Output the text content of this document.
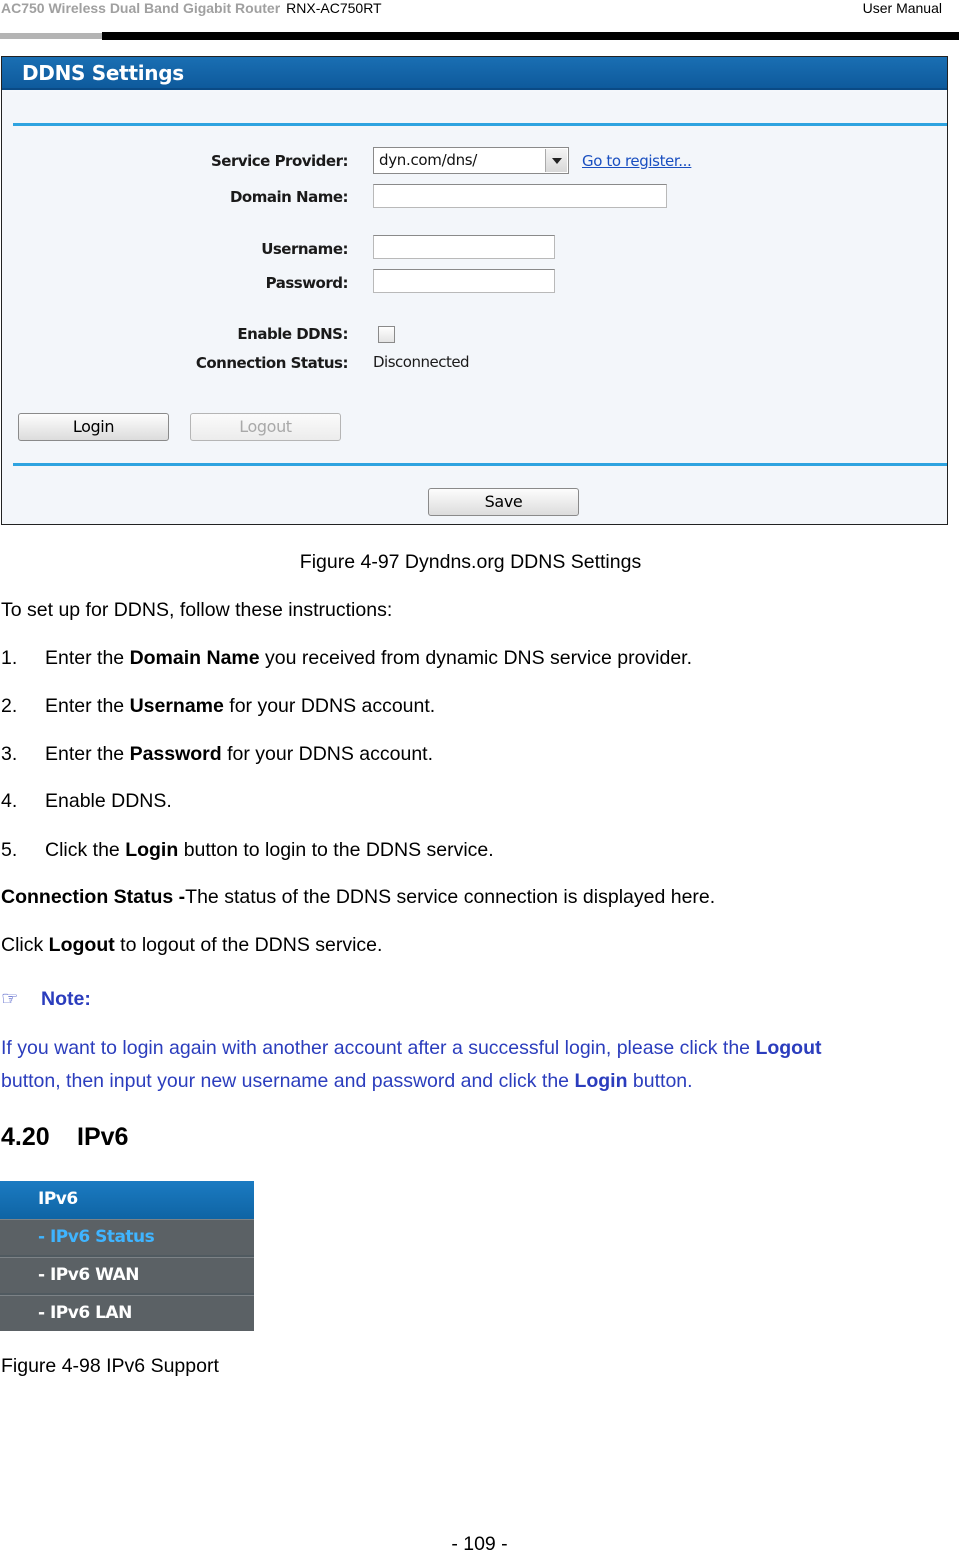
AC750 Wireless Dual Band Gigabit Router RNX-AC750RT	User Manual
DDNS Settings
Service Provider: dyn.com/dns/	Go to register...
Domain Name:
Username:
Password:
Enable DDNS:
Connection Status: Disconnected
Login	Logout
Save
Figure 4-97 Dyndns.org DDNS Settings
To set up for DDNS, follow these instructions:
1. Enter the Domain Name you received from dynamic DNS service provider.
2. Enter the Username for your DDNS account.
3. Enter the Password for your DDNS account.
4. Enable DDNS.
5. Click the Login button to login to the DDNS service.
Connection Status -The status of the DDNS service connection is displayed here.
Click Logout to logout of the DDNS service.
☞ Note:
If you want to login again with another account after a successful login, please click the Logout
button, then input your new username and password and click the Login button.
4.20 IPv6
IPv6
- IPv6 Status
- IPv6 WAN
- IPv6 LAN
Figure 4-98 IPv6 Support
- 109 -
